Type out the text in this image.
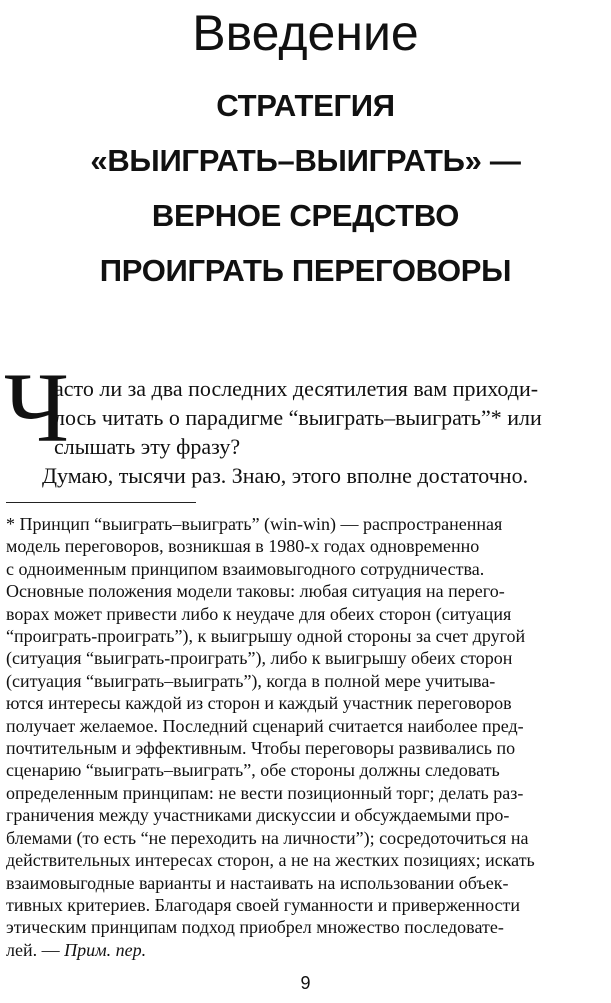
Введение
СТРАТЕГИЯ
«ВЫИГРАТЬ–ВЫИГРАТЬ» —
ВЕРНОЕ СРЕДСТВО
ПРОИГРАТЬ ПЕРЕГОВОРЫ
Ч
асто ли за два последних десятилетия вам приходи-
лось читать о парадигме “выиграть–выиграть”* или
слышать эту фразу?
Думаю, тысячи раз. Знаю, этого вполне достаточно.
* Принцип “выиграть–выиграть” (win-win) — распространенная
модель переговоров, возникшая в 1980-х годах одновременно
с одноименным принципом взаимовыгодного сотрудничества.
Основные положения модели таковы: любая ситуация на перего-
ворах может привести либо к неудаче для обеих сторон (ситуация
“проиграть-проиграть”), к выигрышу одной стороны за счет другой
(ситуация “выиграть-проиграть”), либо к выигрышу обеих сторон
(ситуация “выиграть–выиграть”), когда в полной мере учитыва-
ются интересы каждой из сторон и каждый участник переговоров
получает желаемое. Последний сценарий считается наиболее пред-
почтительным и эффективным. Чтобы переговоры развивались по
сценарию “выиграть–выиграть”, обе стороны должны следовать
определенным принципам: не вести позиционный торг; делать раз-
граничения между участниками дискуссии и обсуждаемыми про-
блемами (то есть “не переходить на личности”); сосредоточиться на
действительных интересах сторон, а не на жестких позициях; искать
взаимовыгодные варианты и настаивать на использовании объек-
тивных критериев. Благодаря своей гуманности и приверженности
этическим принципам подход приобрел множество последовате-
лей. — Прим. пер.
9
